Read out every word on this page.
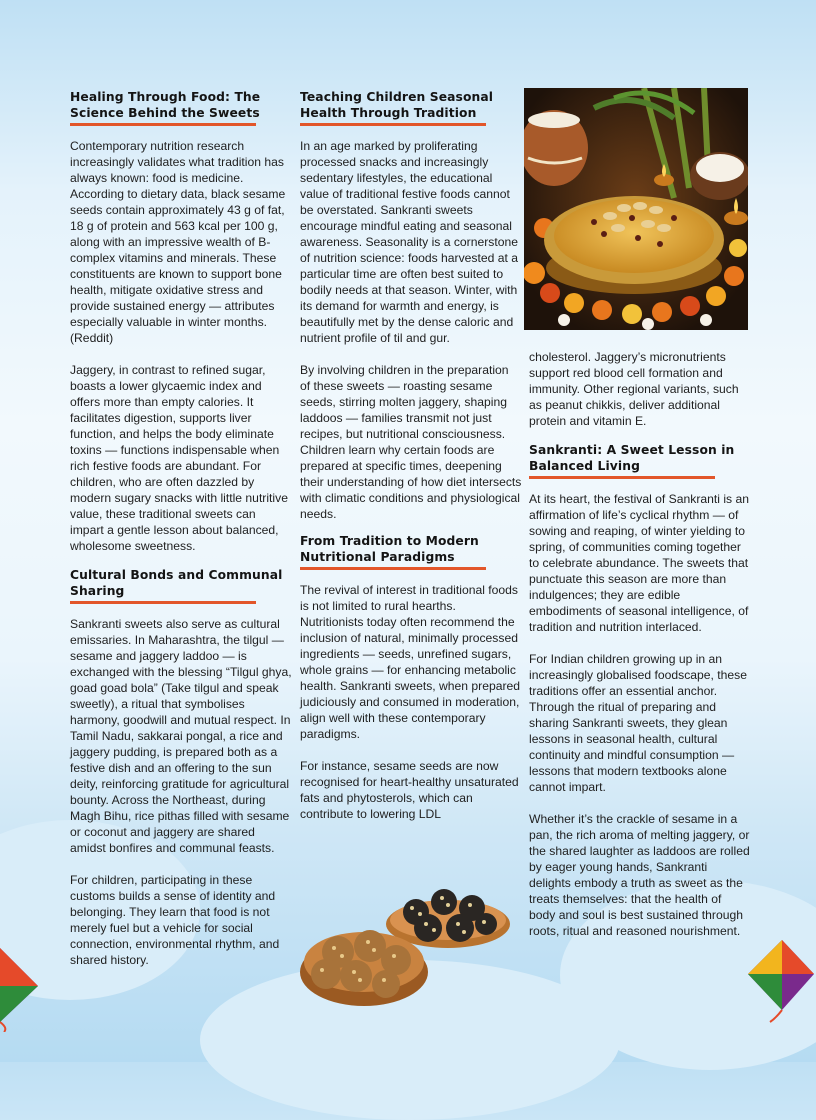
Healing Through Food: The Science Behind the Sweets

Contemporary nutrition research increasingly validates what tradition has always known: food is medicine. According to dietary data, black sesame seeds contain approximately 43 g of fat, 18 g of protein and 563 kcal per 100 g, along with an impressive wealth of B-complex vitamins and minerals. These constituents are known to support bone health, mitigate oxidative stress and provide sustained energy — attributes especially valuable in winter months. (Reddit)

Jaggery, in contrast to refined sugar, boasts a lower glycaemic index and offers more than empty calories. It facilitates digestion, supports liver function, and helps the body eliminate toxins — functions indispensable when rich festive foods are abundant. For children, who are often dazzled by modern sugary snacks with little nutritive value, these traditional sweets can impart a gentle lesson about balanced, wholesome sweetness.

Cultural Bonds and Communal Sharing

Sankranti sweets also serve as cultural emissaries. In Maharashtra, the tilgul — sesame and jaggery laddoo — is exchanged with the blessing “Tilgul ghya, goad goad bola” (Take tilgul and speak sweetly), a ritual that symbolises harmony, goodwill and mutual respect. In Tamil Nadu, sakkarai pongal, a rice and jaggery pudding, is prepared both as a festive dish and an offering to the sun deity, reinforcing gratitude for agricultural bounty. Across the Northeast, during Magh Bihu, rice pithas filled with sesame or coconut and jaggery are shared amidst bonfires and communal feasts.

For children, participating in these customs builds a sense of identity and belonging. They learn that food is not merely fuel but a vehicle for social connection, environmental rhythm, and shared history.

Teaching Children Seasonal Health Through Tradition

In an age marked by proliferating processed snacks and increasingly sedentary lifestyles, the educational value of traditional festive foods cannot be overstated. Sankranti sweets encourage mindful eating and seasonal awareness. Seasonality is a cornerstone of nutrition science: foods harvested at a particular time are often best suited to bodily needs at that season. Winter, with its demand for warmth and energy, is beautifully met by the dense caloric and nutrient profile of til and gur.

By involving children in the preparation of these sweets — roasting sesame seeds, stirring molten jaggery, shaping laddoos — families transmit not just recipes, but nutritional consciousness. Children learn why certain foods are prepared at specific times, deepening their understanding of how diet intersects with climatic conditions and physiological needs.

From Tradition to Modern Nutritional Paradigms

The revival of interest in traditional foods is not limited to rural hearths. Nutritionists today often recommend the inclusion of natural, minimally processed ingredients — seeds, unrefined sugars, whole grains — for enhancing metabolic health. Sankranti sweets, when prepared judiciously and consumed in moderation, align well with these contemporary paradigms.

For instance, sesame seeds are now recognised for heart-healthy unsaturated fats and phytosterols, which can contribute to lowering LDL

cholesterol. Jaggery’s micronutrients support red blood cell formation and immunity. Other regional variants, such as peanut chikkis, deliver additional protein and vitamin E.

Sankranti: A Sweet Lesson in Balanced Living

At its heart, the festival of Sankranti is an affirmation of life’s cyclical rhythm — of sowing and reaping, of winter yielding to spring, of communities coming together to celebrate abundance. The sweets that punctuate this season are more than indulgences; they are edible embodiments of seasonal intelligence, of tradition and nutrition interlaced.

For Indian children growing up in an increasingly globalised foodscape, these traditions offer an essential anchor. Through the ritual of preparing and sharing Sankranti sweets, they glean lessons in seasonal health, cultural continuity and mindful consumption — lessons that modern textbooks alone cannot impart.

Whether it’s the crackle of sesame in a pan, the rich aroma of melting jaggery, or the shared laughter as laddoos are rolled by eager young hands, Sankranti delights embody a truth as sweet as the treats themselves: that the health of body and soul is best sustained through roots, ritual and reasoned nourishment.
